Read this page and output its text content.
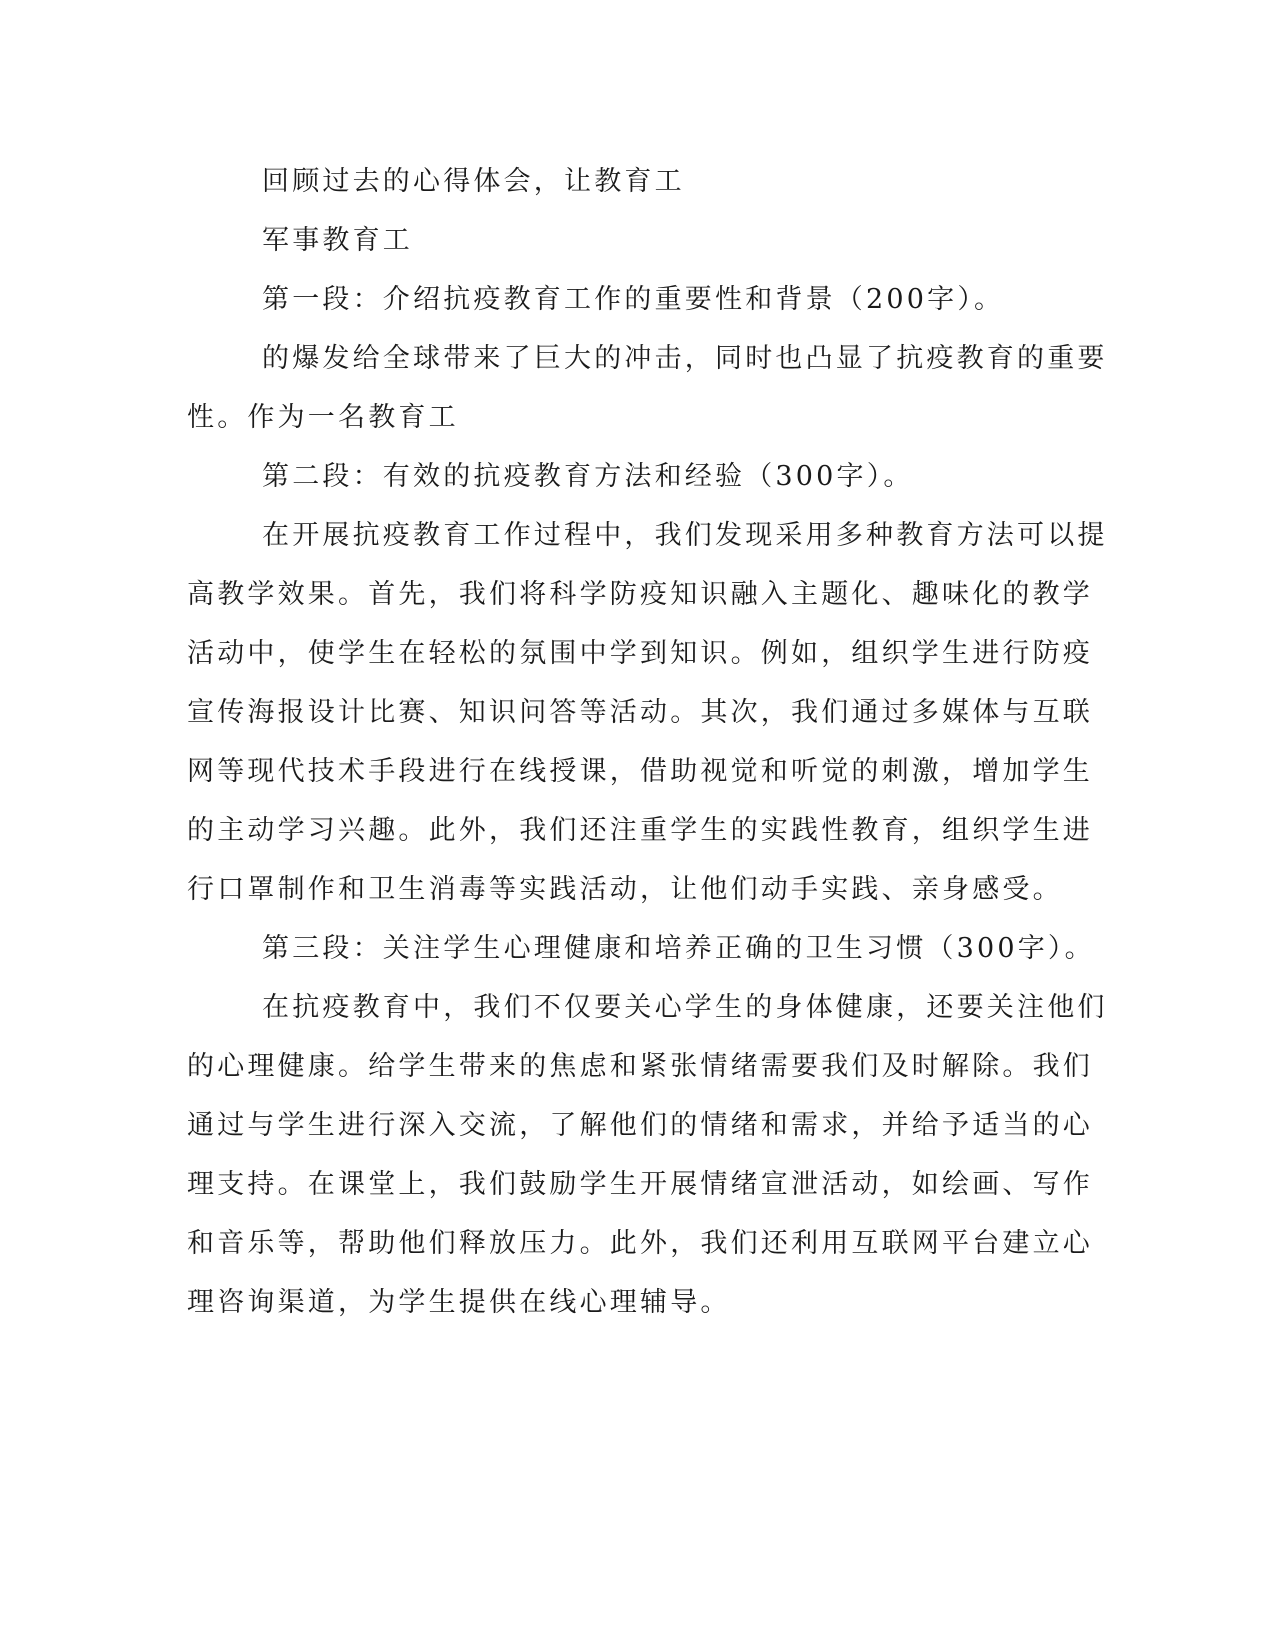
回顾过去的心得体会，让教育工
军事教育工
第一段：介绍抗疫教育工作的重要性和背景（200字）。
的爆发给全球带来了巨大的冲击，同时也凸显了抗疫教育的重要
性。作为一名教育工
第二段：有效的抗疫教育方法和经验（300字）。
在开展抗疫教育工作过程中，我们发现采用多种教育方法可以提
高教学效果。首先，我们将科学防疫知识融入主题化、趣味化的教学
活动中，使学生在轻松的氛围中学到知识。例如，组织学生进行防疫
宣传海报设计比赛、知识问答等活动。其次，我们通过多媒体与互联
网等现代技术手段进行在线授课，借助视觉和听觉的刺激，增加学生
的主动学习兴趣。此外，我们还注重学生的实践性教育，组织学生进
行口罩制作和卫生消毒等实践活动，让他们动手实践、亲身感受。
第三段：关注学生心理健康和培养正确的卫生习惯（300字）。
在抗疫教育中，我们不仅要关心学生的身体健康，还要关注他们
的心理健康。给学生带来的焦虑和紧张情绪需要我们及时解除。我们
通过与学生进行深入交流，了解他们的情绪和需求，并给予适当的心
理支持。在课堂上，我们鼓励学生开展情绪宣泄活动，如绘画、写作
和音乐等，帮助他们释放压力。此外，我们还利用互联网平台建立心
理咨询渠道，为学生提供在线心理辅导。
